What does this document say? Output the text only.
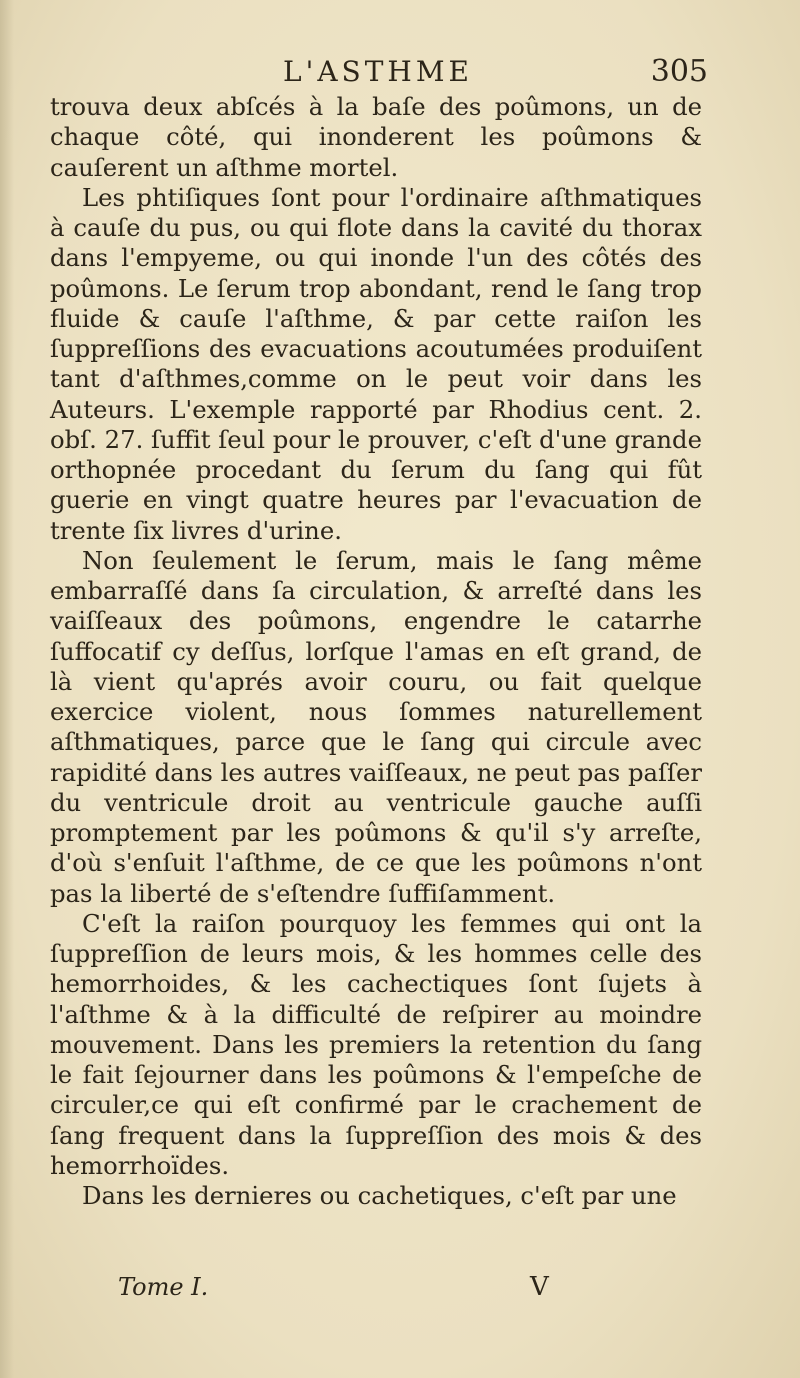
L'ASTHME	305

trouva deux abſcés à la baſe des poûmons, un de chaque côté, qui inonderent les poûmons & cauſerent un aſthme mortel.

Les phtiſiques ſont pour l'ordinaire aſthmatiques à cauſe du pus, ou qui flote dans la cavité du thorax dans l'empyeme, ou qui inonde l'un des côtés des poûmons. Le ſerum trop abondant, rend le ſang trop fluide & cauſe l'aſthme, & par cette raiſon les ſuppreſſions des evacuations acoutumées produiſent tant d'aſthmes,comme on le peut voir dans les Auteurs. L'exemple rapporté par Rhodius cent. 2. obſ. 27. ſuffit ſeul pour le prouver, c'eſt d'une grande orthopnée procedant du ſerum du ſang qui fût guerie en vingt quatre heures par l'evacuation de trente ſix livres d'urine.

Non ſeulement le ſerum, mais le ſang même embarraſſé dans ſa circulation, & arreſté dans les vaiſſeaux des poûmons, engendre le catarrhe ſuffocatif cy deſſus, lorſque l'amas en eſt grand, de là vient qu'aprés avoir couru, ou fait quelque exercice violent, nous ſommes naturellement aſthmatiques, parce que le ſang qui circule avec rapidité dans les autres vaiſſeaux, ne peut pas paſſer du ventricule droit au ventricule gauche auſſi promptement par les poûmons & qu'il s'y arreſte, d'où s'enſuit l'aſthme, de ce que les poûmons n'ont pas la liberté de s'eſtendre ſuffiſamment.

C'eſt la raiſon pourquoy les femmes qui ont la ſuppreſſion de leurs mois, & les hommes celle des hemorrhoides, & les cachectiques ſont ſujets à l'aſthme & à la difficulté de reſpirer au moindre mouvement. Dans les premiers la retention du ſang le fait ſejourner dans les poûmons & l'empeſche de circuler,ce qui eſt confirmé par le crachement de ſang frequent dans la ſuppreſſion des mois & des hemorrhoïdes.

Dans les dernieres ou cachetiques, c'eſt par une

Tome I.	V
